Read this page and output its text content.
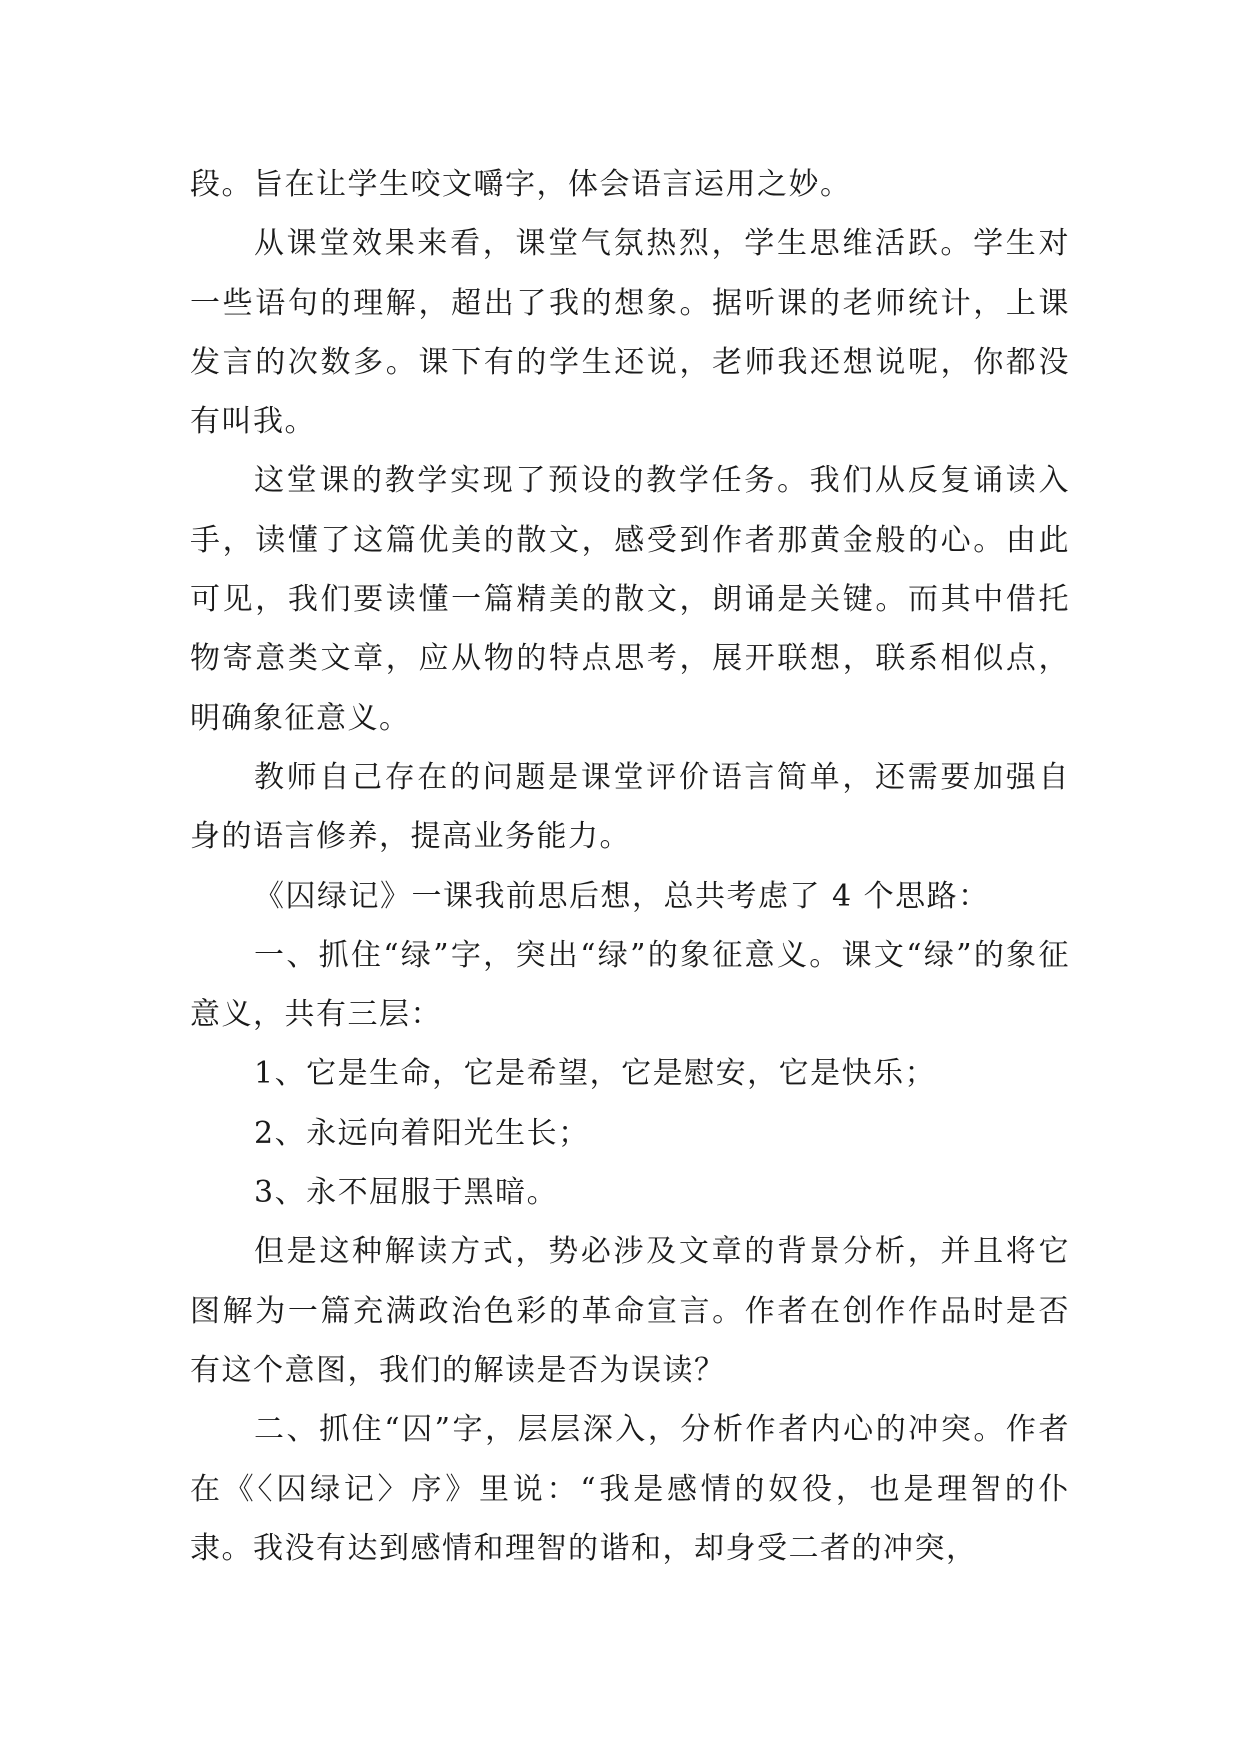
段。旨在让学生咬文嚼字，体会语言运用之妙。

从课堂效果来看，课堂气氛热烈，学生思维活跃。学生对一些语句的理解，超出了我的想象。据听课的老师统计，上课发言的次数多。课下有的学生还说，老师我还想说呢，你都没有叫我。

这堂课的教学实现了预设的教学任务。我们从反复诵读入手，读懂了这篇优美的散文，感受到作者那黄金般的心。由此可见，我们要读懂一篇精美的散文，朗诵是关键。而其中借托物寄意类文章，应从物的特点思考，展开联想，联系相似点，明确象征意义。

教师自己存在的问题是课堂评价语言简单，还需要加强自身的语言修养，提高业务能力。

《囚绿记》一课我前思后想，总共考虑了 4 个思路：

一、抓住“绿”字，突出“绿”的象征意义。课文“绿”的象征意义，共有三层：

1、它是生命，它是希望，它是慰安，它是快乐；

2、永远向着阳光生长；

3、永不屈服于黑暗。

但是这种解读方式，势必涉及文章的背景分析，并且将它图解为一篇充满政治色彩的革命宣言。作者在创作作品时是否有这个意图，我们的解读是否为误读？

二、抓住“囚”字，层层深入，分析作者内心的冲突。作者在《〈囚绿记〉序》里说：“我是感情的奴役，也是理智的仆隶。我没有达到感情和理智的谐和，却身受二者的冲突，
